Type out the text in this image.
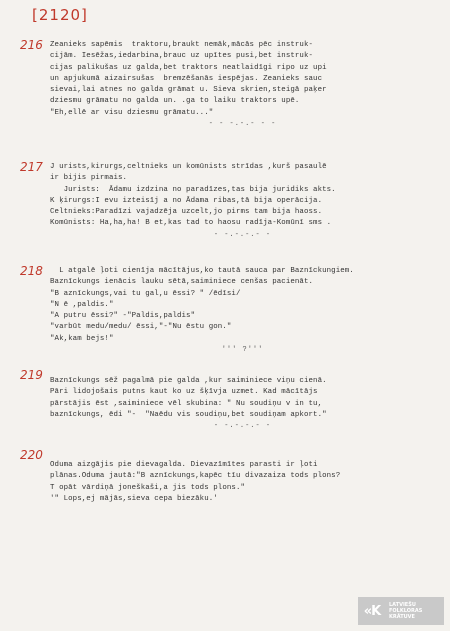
[2120]
216 Zeanieks sapēmis  traktoru,braukt nemāk,mācās pēc instruk-
cijām. Iesēžas,iedarbina,brauc uz upītes pusi,bet instruk-
cijas palikušas uz galda,bet traktors neatlaidīgi ripo uz upi
un apjukumā aizairsušas  bremzēšanās iespējas. Zeanieks sauc
sievai,lai atnes no galda grāmat u. Sieva skrien,steigā paķer
dziesmu grāmatu no galda un. .ga to laiku traktors upē.
"Eh,ellē ar visu dziesmu grāmatu..."
- - -.-.- - -
217 J urists,kirurgs,celtnieks un komūnists strīdas ,kurš pasaulē
ir bijis pirmais.
Jurists:  Ādamu izdzina no paradīzes,tas bija juridiks akts.
K ķirurgs:I evu izteisīj a no Ādama ribas,tā bija operācija.
Celtnieks:Paradīzi vajadzēja uzcelt,jo pirms tam bija haoss.
Komūnists: Ha,ha,ha! B et,kas tad to haosu radīja-Komūnī sms .
- -.-.-.- -
218 L atgalē ļoti cienīja mācītājus,ko tautā sauca par Baznīckungiem.
Baznīckungs ienācis lauku sētā,saiminiece cenšas pacienāt.
"B aznīckungs,vai tu gal,u ēssi? " /ēdīsi/
"N ē ,paldis."
"A putru ēssi?" -"Paldis,paldis"
"varbūt medu/medu/ ēssi,"-"Nu ēstu gon."
"Ak,kam bejs!"
''' ?'''
219 Baznīckungs sēž pagalmā pie galda ,kur saiminiece viņu cienā.
Pāri lidojošais putns kaut ko uz šķīvja uzmet. Kad mācītājs
pārstājis ēst ,saiminiece vēl skubina: " Nu soudiņu v in tu,
baznīckungs, ēdi "-  "Naēdu vis soudiņu,bet soudiņam apkort."
- -.-.-.- -
220
Oduma aizgājis pie dievagalda. Dievazīmītes parasti ir ļoti
plānas.Oduma jautā:"B aznīckungs,kapēc tīu divazaiza tods plons?
T opāt vārdiņā joneškaši,a jis tods plons."
'" Lops,ej mājās,sieva cepa biezāku.'
«K	LATVIEŠU
FOLKLORAS
KRĀTUVE
